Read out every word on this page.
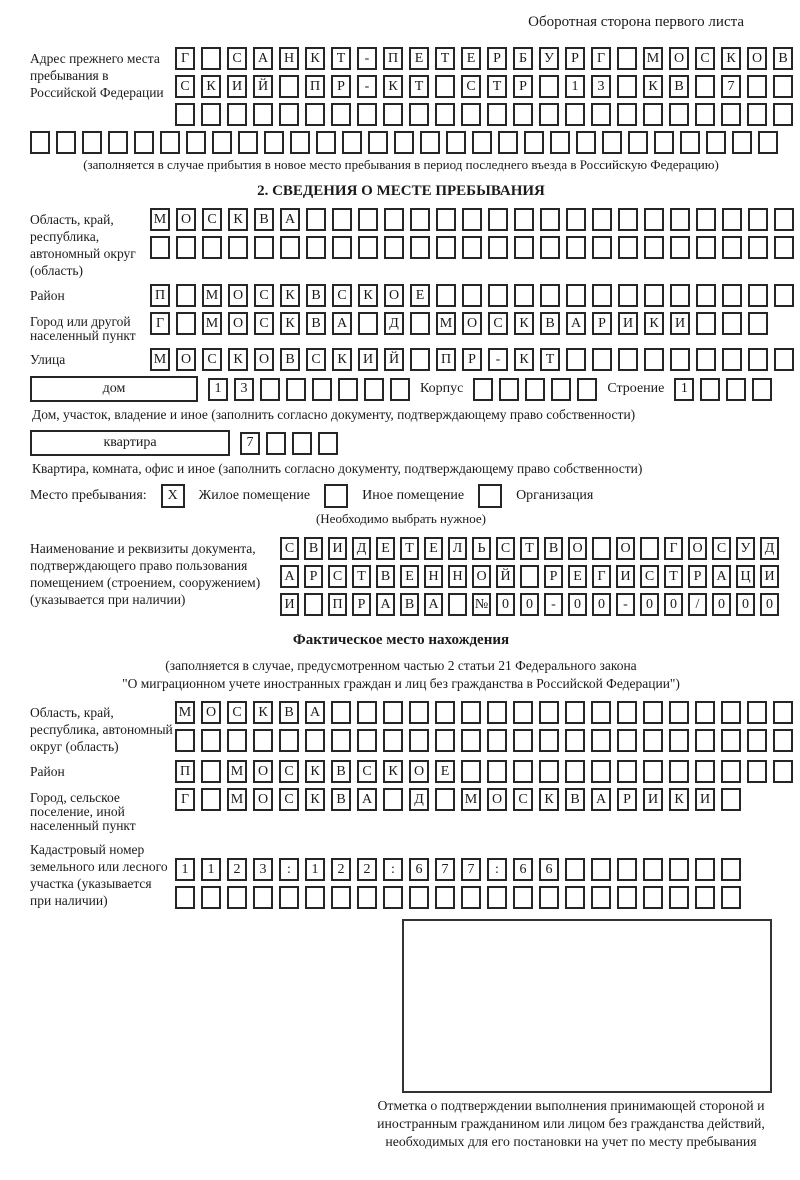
Оборотная сторона первого листа
Адрес прежнего места пребывания в Российской Федерации
Г	С	А	Н	К	Т	-	П	Е	Т	Е	Р	Б	У	Р	Г	М	О	С	К	О	В
С	К	И	Й	П	Р	-	К	Т	С	Т	Р	1	3	К	В	7
(заполняется в случае прибытия в новое место пребывания в период последнего въезда в Российскую Федерацию)
2. СВЕДЕНИЯ О МЕСТЕ ПРЕБЫВАНИЯ
Область, край, республика, автономный округ (область)
М	О	С	К	В	А
Район	П	М	О	С	К	В	С	К	О	Е
Город или другой населенный пункт
Г	М	О	С	К	В	А	Д	М	О	С	К	В	А	Р	И	К	И
Улица	М	О	С	К	О	В	С	К	И	Й	П	Р	-	К	Т
дом	1	3	Корпус	Строение	1
Дом, участок, владение и иное (заполнить согласно документу, подтверждающему право собственности)
квартира	7
Квартира, комната, офис и иное (заполнить согласно документу, подтверждающему право собственности)
Место пребывания:	X	Жилое помещение	Иное помещение	Организация
(Необходимо выбрать нужное)
Наименование и реквизиты документа, подтверждающего право пользования помещением (строением, сооружением) (указывается при наличии)
С	В	И	Д	Е	Т	Е	Л	Ь	С	Т	В	О	О	Г	О	С	У	Д
А	Р	С	Т	В	Е	Н Н О Й	Р	Е	Г	И	С	Т	Р	А Ц И
И	П	Р	А	В	А	№ 0	0	-	0	0	-	0	0	/	0	0	0
Фактическое место нахождения
(заполняется в случае, предусмотренном частью 2 статьи 21 Федерального закона
"О миграционном учете иностранных граждан и лиц без гражданства в Российской Федерации")
Область, край, республика, автономный округ (область)
М	О	С	К	В	А
Район	П	М	О	С	К	В	С	К	О	Е
Город, сельское поселение, иной населенный пункт
Г	М	О	С	К	В	А	Д	М	О	С	К	В	А	Р	И	К	И
Кадастровый номер земельного или лесного участка (указывается при наличии)
1	1	2	3	:	1	2	2	:	6	7	7	:	6	6
Отметка о подтверждении выполнения принимающей стороной и иностранным гражданином или лицом без гражданства действий, необходимых для его постановки на учет по месту пребывания
